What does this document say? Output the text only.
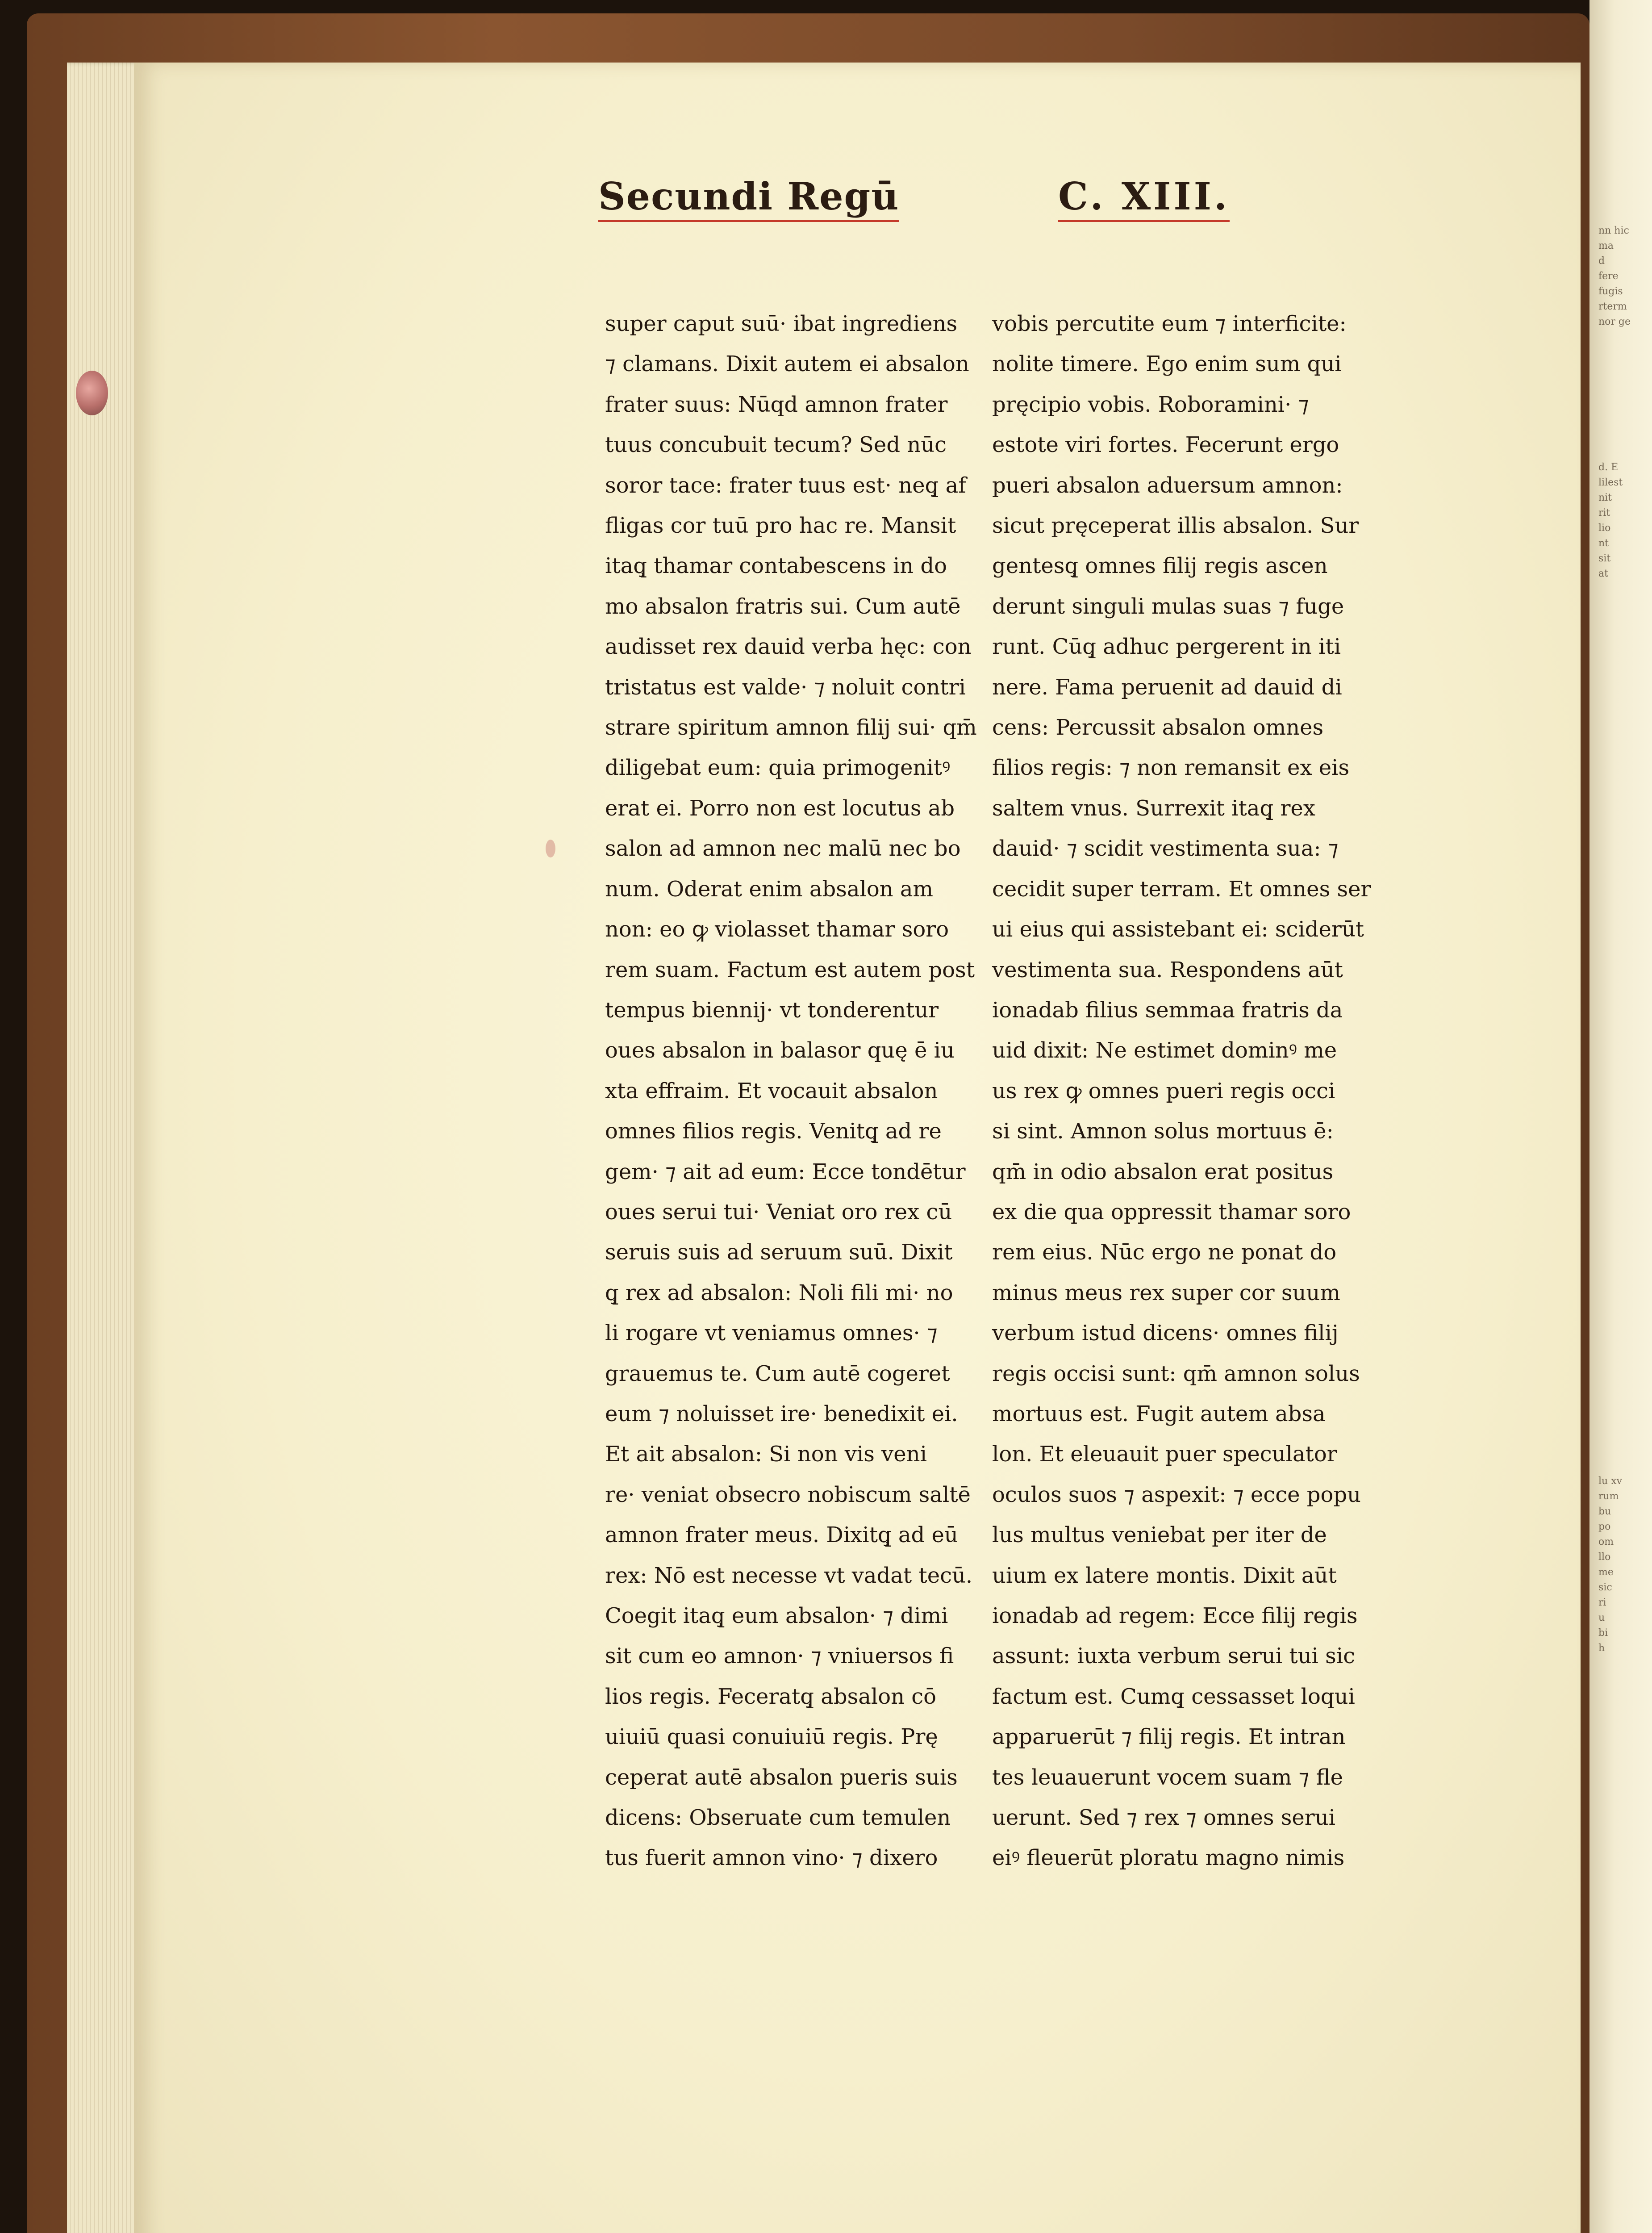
Secundi Regū	C. XIII.
super caput suū· ibat ingrediens
⁊ clamans. Dixit autem ei absalon
frater suus: Nūqd amnon frater
tuus concubuit tecum? Sed nūc
soror tace: frater tuus est· neq̧ af
fligas cor tuū pro hac re. Mansit
itaq̧ thamar contabescens in do
mo absalon fratris sui. Cum autē
audisset rex dauid verba hęc: con
tristatus est valde· ⁊ noluit contri
strare spiritum amnon filij sui· qm̄
diligebat eum: quia primogenitꝰ
erat ei. Porro non est locutus ab
salon ad amnon nec malū nec bo
num. Oderat enim absalon am
non: eo ꝙ violasset thamar soro
rem suam. Factum est autem post
tempus biennij· vt tonderentur
oues absalon in balasor quę ē iu
xta effraim. Et vocauit absalon
omnes filios regis. Venitq̧ ad re
gem· ⁊ ait ad eum: Ecce tondētur
oues serui tui· Veniat oro rex cū
seruis suis ad seruum suū. Dixit
q̧ rex ad absalon: Noli fili mi· no
li rogare vt veniamus omnes· ⁊
grauemus te. Cum autē cogeret
eum ⁊ noluisset ire· benedixit ei.
Et ait absalon: Si non vis veni
re· veniat obsecro nobiscum saltē
amnon frater meus. Dixitq̧ ad eū
rex: Nō est necesse vt vadat tecū.
Coegit itaq̧ eum absalon· ⁊ dimi
sit cum eo amnon· ⁊ vniuersos fi
lios regis. Feceratq̧ absalon cō
uiuiū quasi conuiuiū regis. Prę
ceperat autē absalon pueris suis
dicens: Obseruate cum temulen
tus fuerit amnon vino· ⁊ dixero
vobis percutite eum ⁊ interficite:
nolite timere. Ego enim sum qui
pręcipio vobis. Roboramini· ⁊
estote viri fortes. Fecerunt ergo
pueri absalon aduersum amnon:
sicut pręceperat illis absalon. Sur
gentesq̧ omnes filij regis ascen
derunt singuli mulas suas ⁊ fuge
runt. Cūq̧ adhuc pergerent in iti
nere. Fama peruenit ad dauid di
cens: Percussit absalon omnes
filios regis: ⁊ non remansit ex eis
saltem vnus. Surrexit itaq̧ rex
dauid· ⁊ scidit vestimenta sua: ⁊
cecidit super terram. Et omnes ser
ui eius qui assistebant ei: sciderūt
vestimenta sua. Respondens aūt
ionadab filius semmaa fratris da
uid dixit: Ne estimet dominꝰ me
us rex ꝙ omnes pueri regis occi
si sint. Amnon solus mortuus ē:
qm̄ in odio absalon erat positus
ex die qua oppressit thamar soro
rem eius. Nūc ergo ne ponat do
minus meus rex super cor suum
verbum istud dicens· omnes filij
regis occisi sunt: qm̄ amnon solus
mortuus est. Fugit autem absa
lon. Et eleuauit puer speculator
oculos suos ⁊ aspexit: ⁊ ecce popu
lus multus veniebat per iter de
uium ex latere montis. Dixit aūt
ionadab ad regem: Ecce filij regis
assunt: iuxta verbum serui tui sic
factum est. Cumq̧ cessasset loqui
apparuerūt ⁊ filij regis. Et intran
tes leuauerunt vocem suam ⁊ fle
uerunt. Sed ⁊ rex ⁊ omnes serui
eiꝰ fleuerūt ploratu magno nimis
nn hic
ma
d
fere
fugis
rterm
nor ge
d. E
lilest
nit
rit
lio
nt
sit
at
lu xv
rum
bu
po
om
llo
me
sic
ri
u
bi
h
